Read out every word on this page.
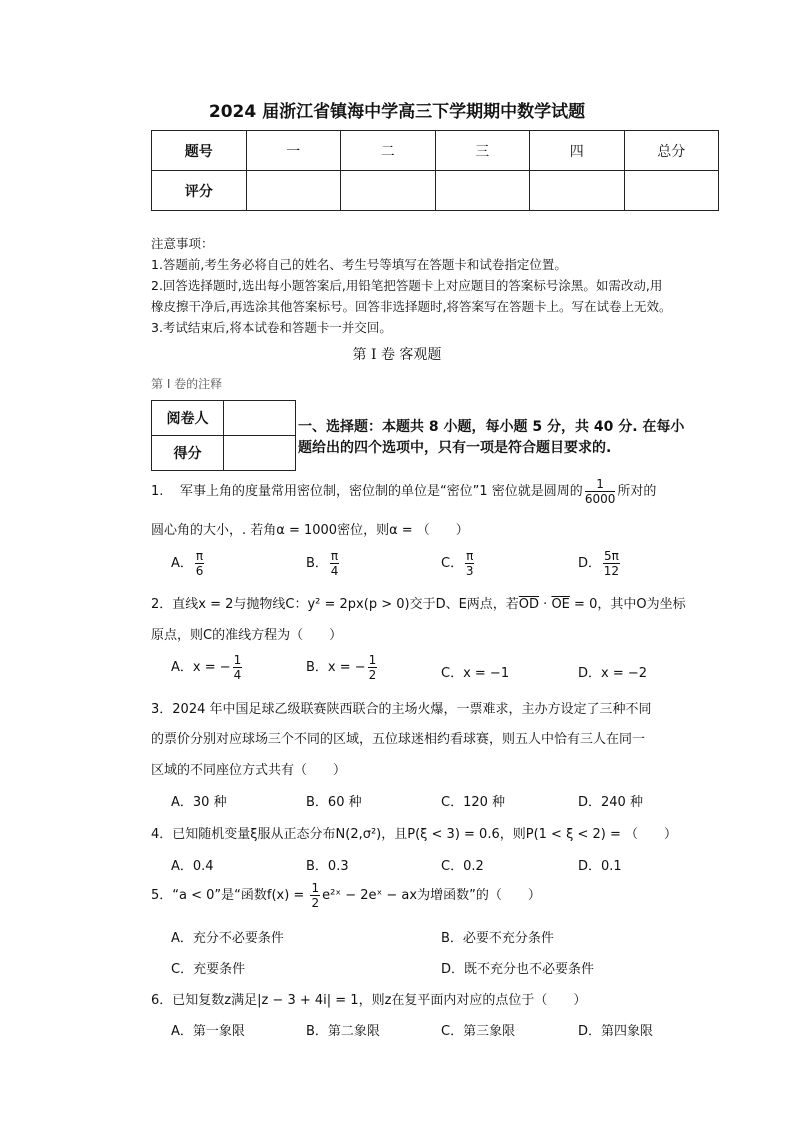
2024 届浙江省镇海中学高三下学期期中数学试题
题号	一	二	三	四	总分
评分					
注意事项：
1.答题前,考生务必将自己的姓名、考生号等填写在答题卡和试卷指定位置。
2.回答选择题时,选出每小题答案后,用铅笔把答题卡上对应题目的答案标号涂黑。如需改动,用
橡皮擦干净后,再选涂其他答案标号。回答非选择题时,将答案写在答题卡上。写在试卷上无效。
3.考试结束后,将本试卷和答题卡一并交回。
第 I 卷 客观题
第 I 卷的注释
阅卷人	
得分	
一、选择题：本题共 8 小题，每小题 5 分，共 40 分. 在每小
题给出的四个选项中，只有一项是符合题目要求的.
1. 军事上角的度量常用密位制，密位制的单位是“密位”1 密位就是圆周的 $\frac{1}{6000}$ 所对的
圆心角的大小，. 若角α = 1000密位，则α = （　　）
A． $\frac{\pi}{6}$	B． $\frac{\pi}{4}$	C． $\frac{\pi}{3}$	D． $\frac{5\pi}{12}$
2．直线x = 2与抛物线C：y² = 2px(p > 0)交于D、E两点，若$\overline{OD} \cdot \overline{OE} = 0$，其中O为坐标
原点，则C的准线方程为（　　）
A．x = − $\frac{1}{4}$	B．x = − $\frac{1}{2}$	C．x = −1	D．x = −2
3．2024 年中国足球乙级联赛陕西联合的主场火爆，一票难求，主办方设定了三种不同
的票价分别对应球场三个不同的区域，五位球迷相约看球赛，则五人中恰有三人在同一
区域的不同座位方式共有（　　）
A．30 种	B．60 种	C．120 种	D．240 种
4．已知随机变量ξ服从正态分布N(2,σ²)，且P(ξ < 3) = 0.6，则P(1 < ξ < 2) = （　　）
A．0.4	B．0.3	C．0.2	D．0.1
5．“a < 0”是“函数$f(x) = \frac{1}{2}$ e²ˣ − 2eˣ − ax为增函数”的（　　）
A．充分不必要条件	B．必要不充分条件
C．充要条件	D．既不充分也不必要条件
6．已知复数z满足|z − 3 + 4i| = 1，则z在复平面内对应的点位于（　　）
A．第一象限	B．第二象限	C．第三象限	D．第四象限
